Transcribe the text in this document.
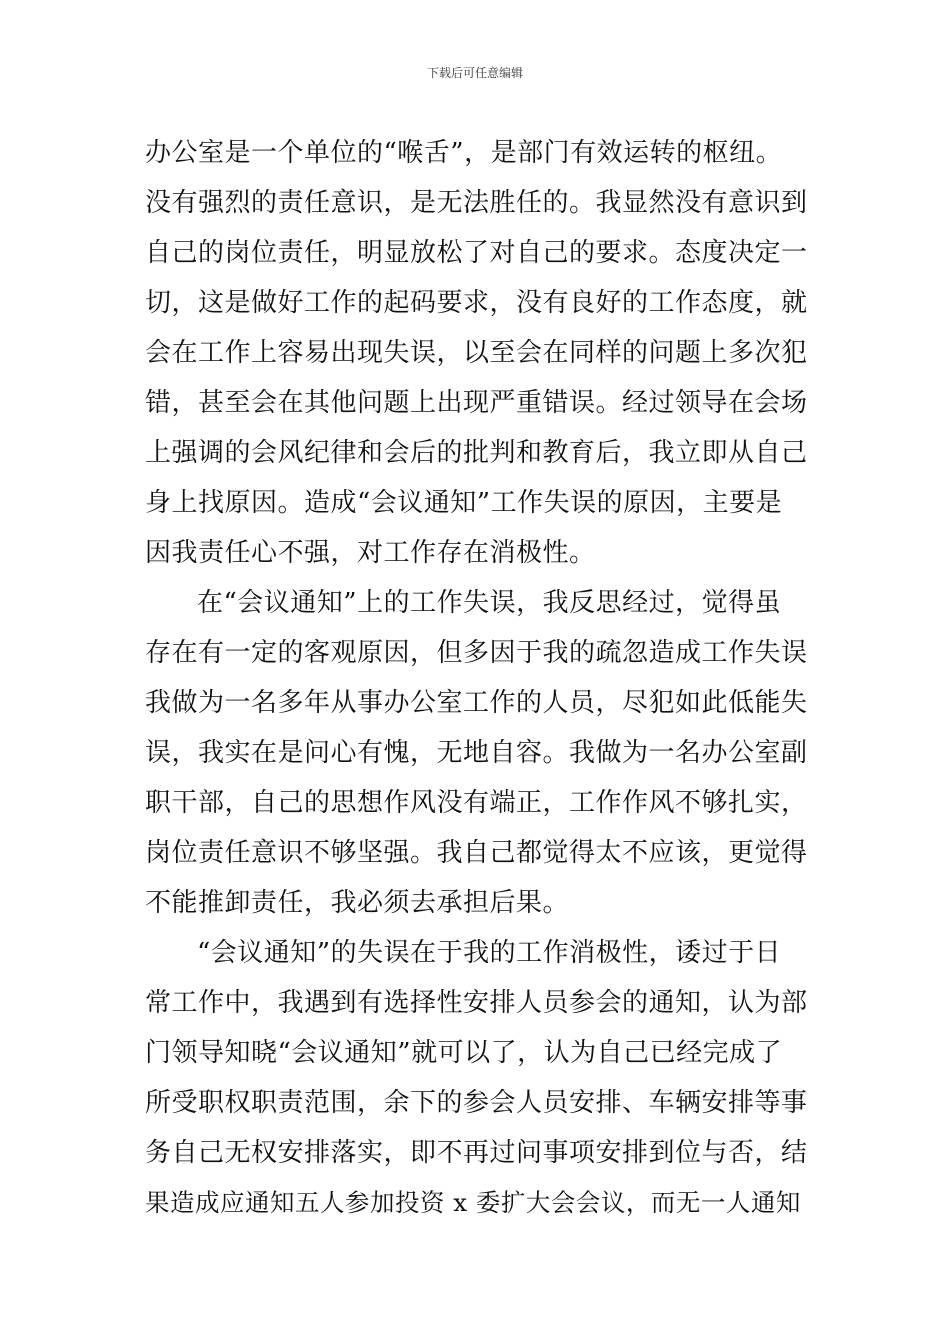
下载后可任意编辑
办公室是一个单位的“喉舌”，是部门有效运转的枢纽。
没有强烈的责任意识，是无法胜任的。我显然没有意识到
自己的岗位责任，明显放松了对自己的要求。态度决定一
切，这是做好工作的起码要求，没有良好的工作态度，就
会在工作上容易出现失误，以至会在同样的问题上多次犯
错，甚至会在其他问题上出现严重错误。经过领导在会场
上强调的会风纪律和会后的批判和教育后，我立即从自己
身上找原因。造成“会议通知”工作失误的原因，主要是
因我责任心不强，对工作存在消极性。
在“会议通知”上的工作失误，我反思经过，觉得虽
存在有一定的客观原因，但多因于我的疏忽造成工作失误
我做为一名多年从事办公室工作的人员，尽犯如此低能失
误，我实在是问心有愧，无地自容。我做为一名办公室副
职干部，自己的思想作风没有端正，工作作风不够扎实，
岗位责任意识不够坚强。我自己都觉得太不应该，更觉得
不能推卸责任，我必须去承担后果。
“会议通知”的失误在于我的工作消极性，诿过于日
常工作中，我遇到有选择性安排人员参会的通知，认为部
门领导知晓“会议通知”就可以了，认为自己已经完成了
所受职权职责范围，余下的参会人员安排、车辆安排等事
务自己无权安排落实，即不再过问事项安排到位与否，结
果造成应通知五人参加投资 x 委扩大会会议，而无一人通知
